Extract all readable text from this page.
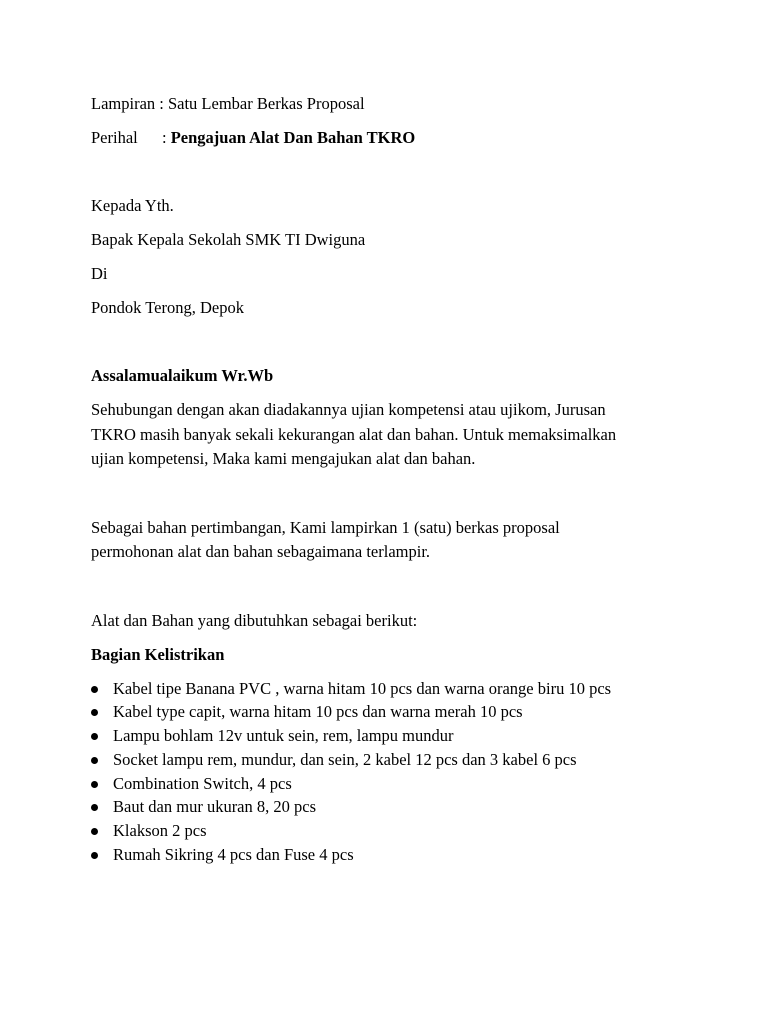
Lampiran : Satu Lembar Berkas Proposal

Perihal : Pengajuan Alat Dan Bahan TKRO

Kepada Yth.

Bapak Kepala Sekolah SMK TI Dwiguna

Di

Pondok Terong, Depok

Assalamualaikum Wr.Wb

Sehubungan dengan akan diadakannya ujian kompetensi atau ujikom, Jurusan

TKRO masih banyak sekali kekurangan alat dan bahan. Untuk memaksimalkan

ujian kompetensi, Maka kami mengajukan alat dan bahan.

Sebagai bahan pertimbangan, Kami lampirkan 1 (satu) berkas proposal

permohonan alat dan bahan sebagaimana terlampir.

Alat dan Bahan yang dibutuhkan sebagai berikut:

Bagian Kelistrikan

Kabel tipe Banana PVC , warna hitam 10 pcs dan warna orange biru 10 pcs
Kabel type capit, warna hitam 10 pcs dan warna merah 10 pcs
Lampu bohlam 12v untuk sein, rem, lampu mundur
Socket lampu rem, mundur, dan sein, 2 kabel 12 pcs dan 3 kabel 6 pcs
Combination Switch, 4 pcs
Baut dan mur ukuran 8, 20 pcs
Klakson 2 pcs
Rumah Sikring 4 pcs dan Fuse 4 pcs
